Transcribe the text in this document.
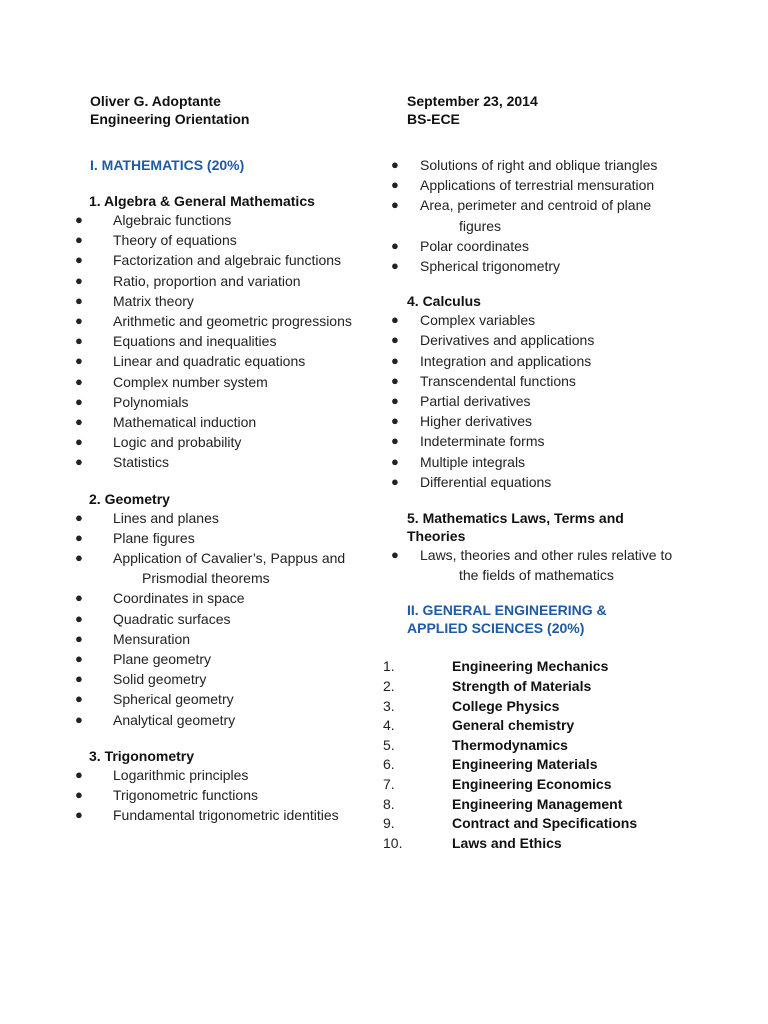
Oliver G. Adoptante

Engineering Orientation

I. MATHEMATICS (20%)

1. Algebra & General Mathematics

● Algebraic functions
● Theory of equations
● Factorization and algebraic functions
● Ratio, proportion and variation
● Matrix theory
● Arithmetic and geometric progressions
● Equations and inequalities
● Linear and quadratic equations
● Complex number system
● Polynomials
● Mathematical induction
● Logic and probability
● Statistics

2. Geometry

● Lines and planes
● Plane figures
● Application of Cavalier’s, Pappus and Prismodial theorems
● Coordinates in space
● Quadratic surfaces
● Mensuration
● Plane geometry
● Solid geometry
● Spherical geometry
● Analytical geometry

3. Trigonometry

● Logarithmic principles
● Trigonometric functions
● Fundamental trigonometric identities

September 23, 2014

BS-ECE

● Solutions of right and oblique triangles
● Applications of terrestrial mensuration
● Area, perimeter and centroid of plane figures
● Polar coordinates
● Spherical trigonometry

4. Calculus

● Complex variables
● Derivatives and applications
● Integration and applications
● Transcendental functions
● Partial derivatives
● Higher derivatives
● Indeterminate forms
● Multiple integrals
● Differential equations

5. Mathematics Laws, Terms and Theories

● Laws, theories and other rules relative to the fields of mathematics

II. GENERAL ENGINEERING & APPLIED SCIENCES (20%)

1.	Engineering Mechanics
2.	Strength of Materials
3.	College Physics
4.	General chemistry
5.	Thermodynamics
6.	Engineering Materials
7.	Engineering Economics
8.	Engineering Management
9.	Contract and Specifications
10.	Laws and Ethics
